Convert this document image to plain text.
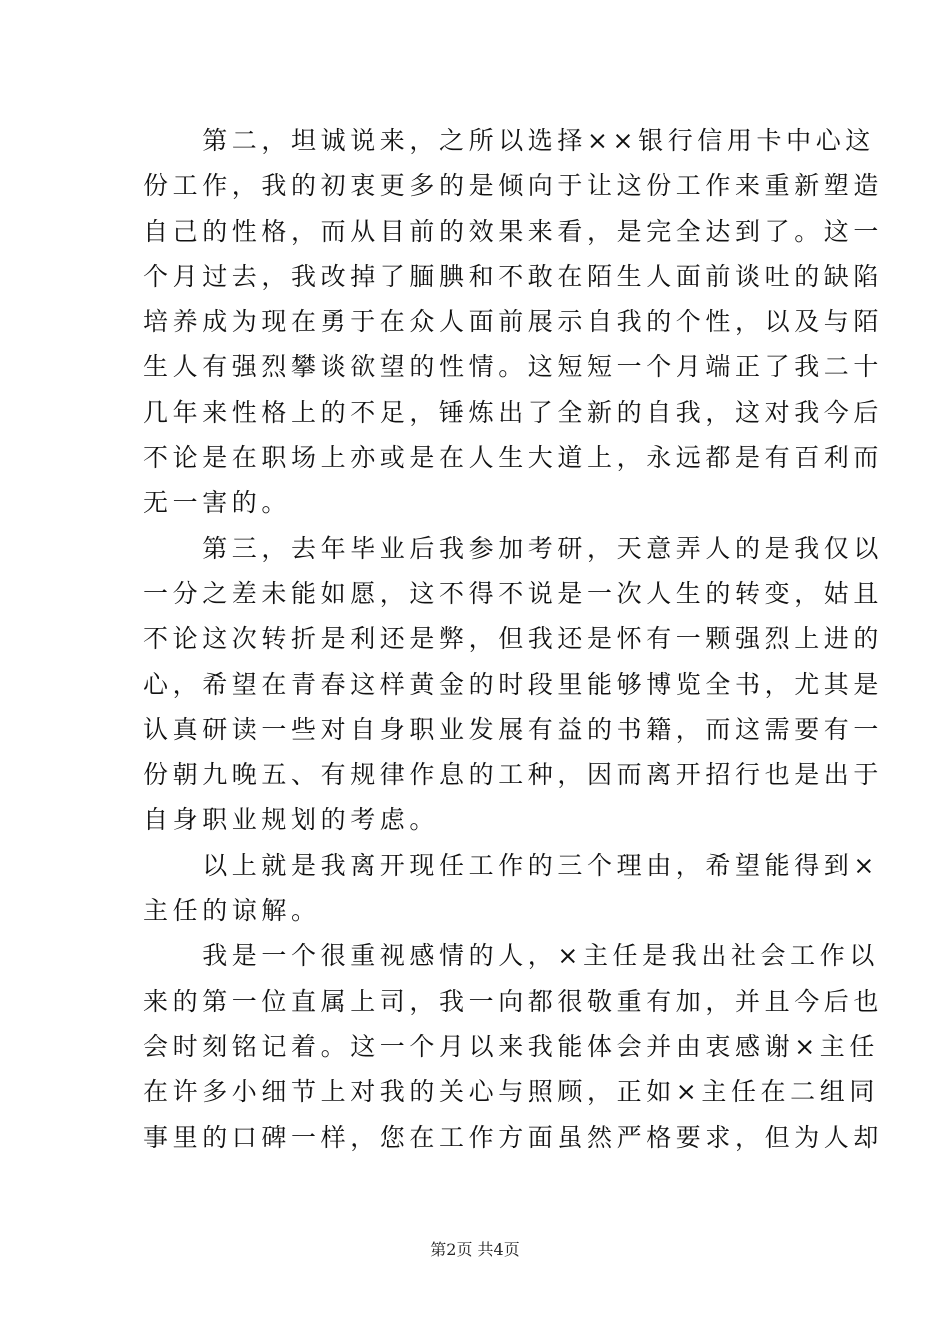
　　第二，坦诚说来，之所以选择××银行信用卡中心这
份工作，我的初衷更多的是倾向于让这份工作来重新塑造
自己的性格，而从目前的效果来看，是完全达到了。这一
个月过去，我改掉了腼腆和不敢在陌生人面前谈吐的缺陷
培养成为现在勇于在众人面前展示自我的个性，以及与陌
生人有强烈攀谈欲望的性情。这短短一个月端正了我二十
几年来性格上的不足，锤炼出了全新的自我，这对我今后
不论是在职场上亦或是在人生大道上，永远都是有百利而
无一害的。
　　第三，去年毕业后我参加考研，天意弄人的是我仅以
一分之差未能如愿，这不得不说是一次人生的转变，姑且
不论这次转折是利还是弊，但我还是怀有一颗强烈上进的
心，希望在青春这样黄金的时段里能够博览全书，尤其是
认真研读一些对自身职业发展有益的书籍，而这需要有一
份朝九晚五、有规律作息的工种，因而离开招行也是出于
自身职业规划的考虑。
　　以上就是我离开现任工作的三个理由，希望能得到×
主任的谅解。
　　我是一个很重视感情的人，×主任是我出社会工作以
来的第一位直属上司，我一向都很敬重有加，并且今后也
会时刻铭记着。这一个月以来我能体会并由衷感谢×主任
在许多小细节上对我的关心与照顾，正如×主任在二组同
事里的口碑一样，您在工作方面虽然严格要求，但为人却
第2页 共4页
